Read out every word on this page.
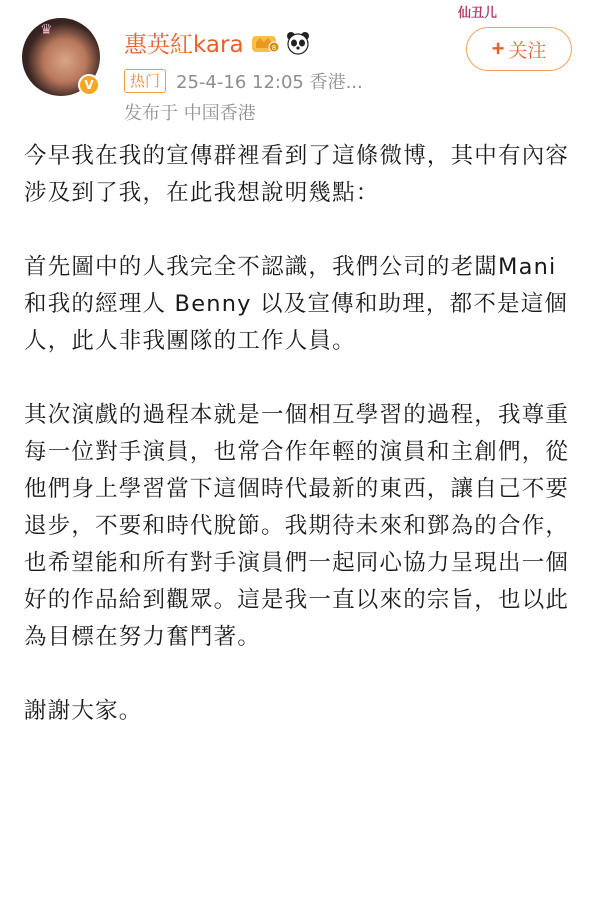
仙丑儿
♛
V
惠英紅kara	8	+ 关注
热门 25-4-16 12:05 香港...
发布于 中国香港

今早我在我的宣傳群裡看到了這條微博，其中有內容涉及到了我，在此我想說明幾點：

首先圖中的人我完全不認識，我們公司的老闆Mani和我的經理人 Benny 以及宣傳和助理，都不是這個人，此人非我團隊的工作人員。

其次演戲的過程本就是一個相互學習的過程，我尊重每一位對手演員，也常合作年輕的演員和主創們，從他們身上學習當下這個時代最新的東西，讓自己不要退步，不要和時代脫節。我期待未來和鄧為的合作，也希望能和所有對手演員們一起同心協力呈現出一個好的作品給到觀眾。這是我一直以來的宗旨，也以此為目標在努力奮鬥著。

謝謝大家。
